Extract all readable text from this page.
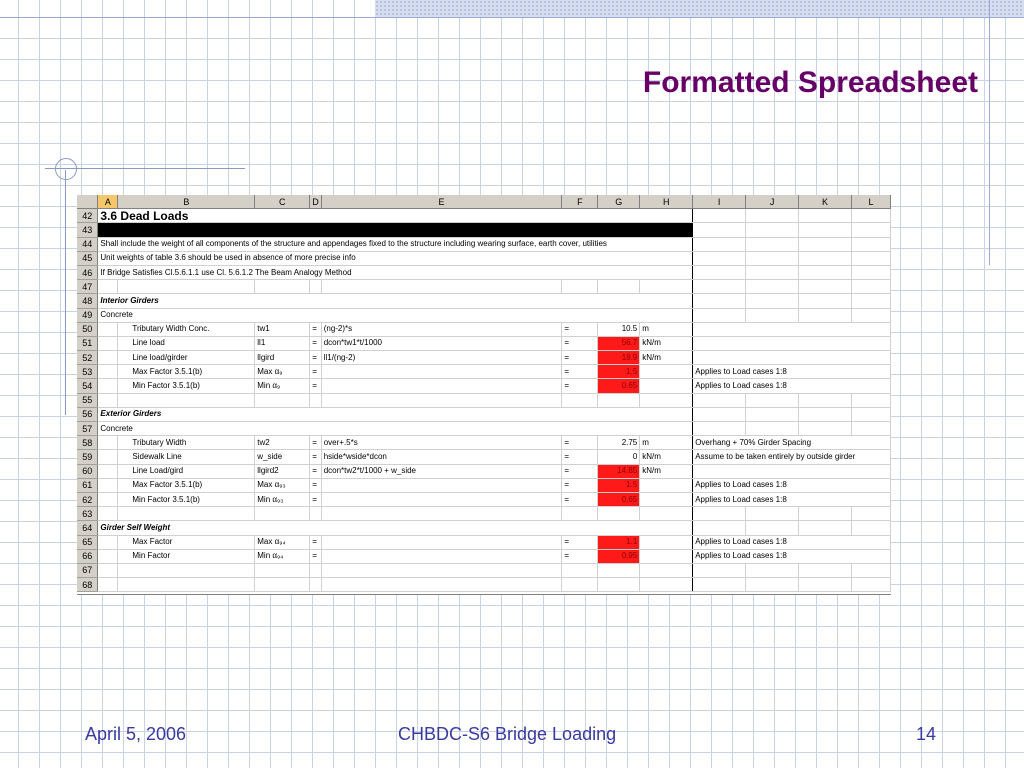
Formatted Spreadsheet
	A	B	C	D	E	F	G	H	I	J	K	L
42	3.6 Dead Loads											
43												
44	Shall include the weight of all components of the structure and appendages fixed to the structure including wearing surface, earth cover, utilities											
45	Unit weights of table 3.6 should be used in absence of more precise info											
46	If Bridge Satisfies Cl.5.6.1.1 use Cl. 5.6.1.2 The Beam Analogy Method											
47												
48	Interior Girders											
49	Concrete											
50		Tributary Width Conc.	tw1	=	(ng-2)*s	=	10.5	m				
51		Line load	ll1	=	dcon*tw1*t/1000	=	56.7	kN/m				
52		Line load/girder	llgird	=	ll1/(ng-2)	=	18.9	kN/m				
53		Max Factor 3.5.1(b)	Max α₉	=		=	1.5		Applies to Load cases 1:8			
54		Min Factor 3.5.1(b)	Min α₉	=		=	0.65		Applies to Load cases 1:8			
55												
56	Exterior Girders											
57	Concrete											
58		Tributary Width	tw2	=	over+.5*s	=	2.75	m	Overhang + 70% Girder Spacing			
59		Sidewalk Line	w_side	=	hside*wside*dcon	=	0	kN/m	Assume to be taken entirely by outside girder			
60		Line Load/gird	llgird2	=	dcon*tw2*t/1000 + w_side	=	14.85	kN/m				
61		Max Factor 3.5.1(b)	Max α₉₃	=		=	1.5		Applies to Load cases 1:8			
62		Min Factor 3.5.1(b)	Min α₉₃	=		=	0.65		Applies to Load cases 1:8			
63												
64	Girder Self Weight											
65		Max Factor	Max α₉₄	=		=	1.1		Applies to Load cases 1:8			
66		Min Factor	Min α₉₄	=		=	0.95		Applies to Load cases 1:8			
67												
68												
April 5, 2006	CHBDC-S6 Bridge Loading	14
